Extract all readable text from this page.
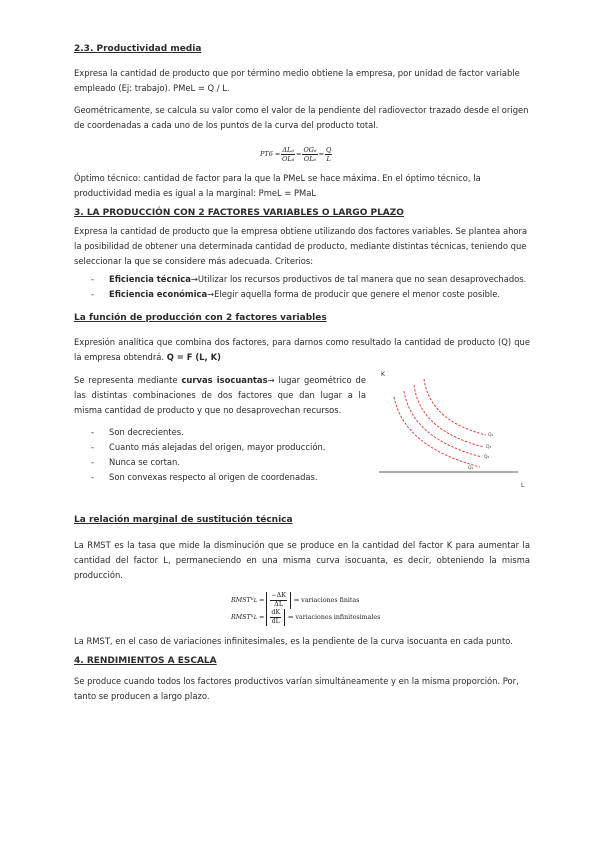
2.3. Productividad media

Expresa la cantidad de producto que por término medio obtiene la empresa, por unidad de factor variable empleado (Ej: trabajo). PMeL = Q / L.

Geométricamente, se calcula su valor como el valor de la pendiente del radiovector trazado desde el origen de coordenadas a cada uno de los puntos de la curva del producto total.

$PT6 = \frac{\text{ΔL₆}}{\text{OL₆}} = \frac{\text{OG₆}}{\text{OL₆}} = \frac{Q}{L}$

Óptimo técnico: cantidad de factor para la que la PMeL se hace máxima. En el óptimo técnico, la productividad media es igual a la marginal: PmeL = PMaL

3. LA PRODUCCIÓN CON 2 FACTORES VARIABLES O LARGO PLAZO

Expresa la cantidad de producto que la empresa obtiene utilizando dos factores variables. Se plantea ahora la posibilidad de obtener una determinada cantidad de producto, mediante distintas técnicas, teniendo que seleccionar la que se considere más adecuada. Criterios:

- Eficiencia técnica→Utilizar los recursos productivos de tal manera que no sean desaprovechados.
- Eficiencia económica→Elegir aquella forma de producir que genere el menor coste posible.

La función de producción con 2 factores variables

Expresión analítica que combina dos factores, para darnos como resultado la cantidad de producto (Q) que la empresa obtendrá. Q = F (L, K)

Se representa mediante curvas isocuantas→ lugar geométrico de las distintas combinaciones de dos factores que dan lugar a la misma cantidad de producto y que no desaprovechan recursos.

- Son decrecientes.
- Cuanto más alejadas del origen, mayor producción.
- Nunca se cortan.
- Son convexas respecto al origen de coordenadas.
K
L
Q₄
Q₃
Q₂
Q₁

La relación marginal de sustitución técnica

La RMST es la tasa que mide la disminución que se produce en la cantidad del factor K para aumentar la cantidad del factor L, permaneciendo en una misma curva isocuanta, es decir, obteniendo la misma producción.

RMSTᴷʟ = $\frac{-\Delta K}{\Delta L}$ ⇒ variaciones finitas
RMSTᴷʟ = $\frac{dK}{dL}$ ⇒ variaciones infinitesimales

La RMST, en el caso de variaciones infinitesimales, es la pendiente de la curva isocuanta en cada punto.

4. RENDIMIENTOS A ESCALA

Se produce cuando todos los factores productivos varían simultáneamente y en la misma proporción. Por, tanto se producen a largo plazo.
